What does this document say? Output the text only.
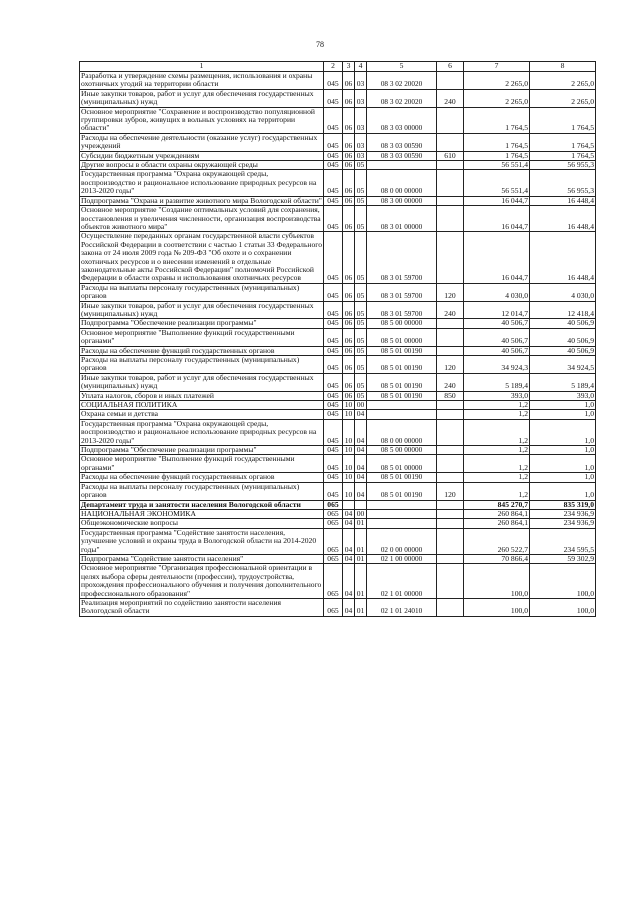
78
1	2	3	4	5	6	7	8
Разработка и утверждение схемы размещения, использования и охраны охотничьих угодий на территории области	045	06	03	08 3 02 20020		2 265,0	2 265,0
Иные закупки товаров, работ и услуг для обеспечения государственных (муниципальных) нужд	045	06	03	08 3 02 20020	240	2 265,0	2 265,0
Основное мероприятие "Сохранение и воспроизводство популяционной группировки зубров, живущих в вольных условиях на территории области"	045	06	03	08 3 03 00000		1 764,5	1 764,5
Расходы на обеспечение деятельности (оказание услуг) государственных учреждений	045	06	03	08 3 03 00590		1 764,5	1 764,5
Субсидии бюджетным учреждениям	045	06	03	08 3 03 00590	610	1 764,5	1 764,5
Другие вопросы в области охраны окружающей среды	045	06	05			56 551,4	56 955,3
Государственная программа "Охрана окружающей среды, воспроизводство и рациональное использование природных ресурсов на 2013-2020 годы"	045	06	05	08 0 00 00000		56 551,4	56 955,3
Подпрограмма "Охрана и развитие животного мира Вологодской области"	045	06	05	08 3 00 00000		16 044,7	16 448,4
Основное мероприятие "Создание оптимальных условий для сохранения, восстановления и увеличения численности, организация воспроизводства объектов животного мира"	045	06	05	08 3 01 00000		16 044,7	16 448,4
Осуществление переданных органам государственной власти субъектов Российской Федерации в соответствии с частью 1 статьи 33 Федерального закона от 24 июля 2009 года № 209-ФЗ "Об охоте и о сохранении охотничьих ресурсов и о внесении изменений в отдельные законодательные акты Российской Федерации" полномочий Российской Федерации в области охраны и использования охотничьих ресурсов	045	06	05	08 3 01 59700		16 044,7	16 448,4
Расходы на выплаты персоналу государственных (муниципальных) органов	045	06	05	08 3 01 59700	120	4 030,0	4 030,0
Иные закупки товаров, работ и услуг для обеспечения государственных (муниципальных) нужд	045	06	05	08 3 01 59700	240	12 014,7	12 418,4
Подпрограмма "Обеспечение реализации программы"	045	06	05	08 5 00 00000		40 506,7	40 506,9
Основное мероприятие "Выполнение функций государственными органами"	045	06	05	08 5 01 00000		40 506,7	40 506,9
Расходы на обеспечение функций государственных органов	045	06	05	08 5 01 00190		40 506,7	40 506,9
Расходы на выплаты персоналу государственных (муниципальных) органов	045	06	05	08 5 01 00190	120	34 924,3	34 924,5
Иные закупки товаров, работ и услуг для обеспечения государственных (муниципальных) нужд	045	06	05	08 5 01 00190	240	5 189,4	5 189,4
Уплата налогов, сборов и иных платежей	045	06	05	08 5 01 00190	850	393,0	393,0
СОЦИАЛЬНАЯ ПОЛИТИКА	045	10	00			1,2	1,0
Охрана семьи и детства	045	10	04			1,2	1,0
Государственная программа "Охрана окружающей среды, воспроизводство и рациональное использование природных ресурсов на 2013-2020 годы"	045	10	04	08 0 00 00000		1,2	1,0
Подпрограмма "Обеспечение реализации программы"	045	10	04	08 5 00 00000		1,2	1,0
Основное мероприятие "Выполнение функций государственными органами"	045	10	04	08 5 01 00000		1,2	1,0
Расходы на обеспечение функций государственных органов	045	10	04	08 5 01 00190		1,2	1,0
Расходы на выплаты персоналу государственных (муниципальных) органов	045	10	04	08 5 01 00190	120	1,2	1,0
Департамент труда и занятости населения Вологодской области	065					845 270,7	835 319,0
НАЦИОНАЛЬНАЯ ЭКОНОМИКА	065	04	00			260 864,1	234 936,9
Общеэкономические вопросы	065	04	01			260 864,1	234 936,9
Государственная программа "Содействие занятости населения, улучшение условий и охраны труда в Вологодской области на 2014-2020 годы"	065	04	01	02 0 00 00000		260 522,7	234 595,5
Подпрограмма "Содействие занятости населения"	065	04	01	02 1 00 00000		70 866,4	59 302,9
Основное мероприятие "Организация профессиональной ориентации в целях выбора сферы деятельности (профессии), трудоустройства, прохождения профессионального обучения и получения дополнительного профессионального образования"	065	04	01	02 1 01 00000		100,0	100,0
Реализация мероприятий по содействию занятости населения Вологодской области	065	04	01	02 1 01 24010		100,0	100,0
